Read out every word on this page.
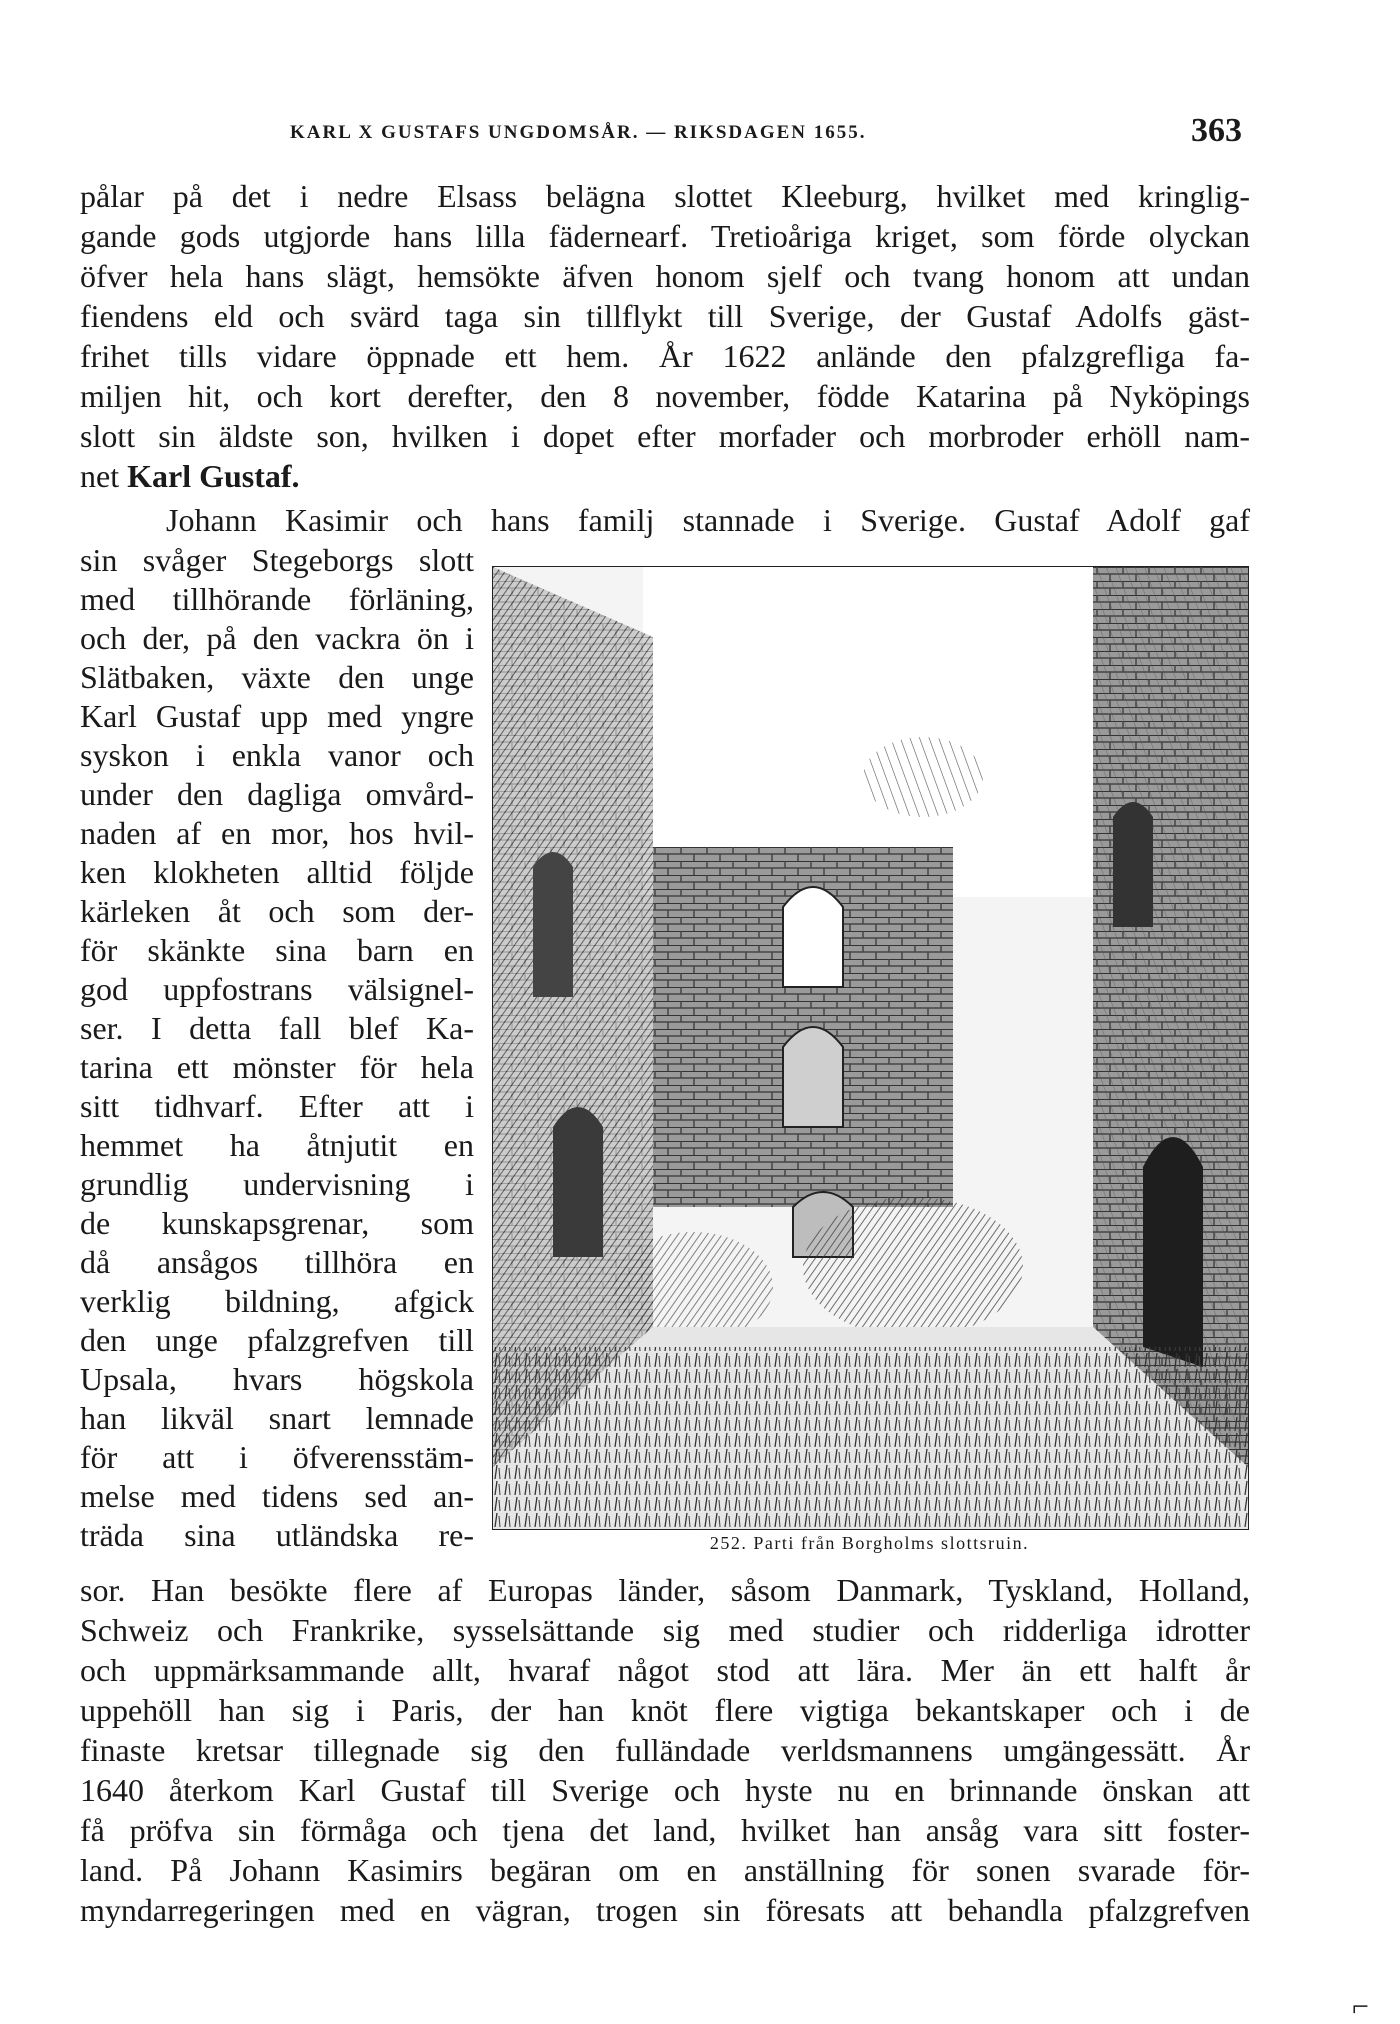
KARL X GUSTAFS UNGDOMSÅR. — RIKSDAGEN 1655.	363
pålar på det i nedre Elsass belägna slottet Kleeburg, hvilket med kringlig-
gande gods utgjorde hans lilla fädernearf. Tretioåriga kriget, som förde olyckan
öfver hela hans slägt, hemsökte äfven honom sjelf och tvang honom att undan
fiendens eld och svärd taga sin tillflykt till Sverige, der Gustaf Adolfs gäst-
frihet tills vidare öppnade ett hem. År 1622 anlände den pfalzgrefliga fa-
miljen hit, och kort derefter, den 8 november, födde Katarina på Nyköpings
slott sin äldste son, hvilken i dopet efter morfader och morbroder erhöll nam-
net Karl Gustaf.
Johann Kasimir och hans familj stannade i Sverige. Gustaf Adolf gaf
sin svåger Stegeborgs slott
med tillhörande förläning,
och der, på den vackra ön i
Slätbaken, växte den unge
Karl Gustaf upp med yngre
syskon i enkla vanor och
under den dagliga omvård-
naden af en mor, hos hvil-
ken klokheten alltid följde
kärleken åt och som der-
för skänkte sina barn en
god uppfostrans välsignel-
ser. I detta fall blef Ka-
tarina ett mönster för hela
sitt tidhvarf. Efter att i
hemmet ha åtnjutit en
grundlig undervisning i
de kunskapsgrenar, som
då ansågos tillhöra en
verklig bildning, afgick
den unge pfalzgrefven till
Upsala, hvars högskola
han likväl snart lemnade
för att i öfverensstäm-
melse med tidens sed an-
träda sina utländska re-	252. Parti från Borgholms slottsruin.
sor. Han besökte flere af Europas länder, såsom Danmark, Tyskland, Holland,
Schweiz och Frankrike, sysselsättande sig med studier och ridderliga idrotter
och uppmärksammande allt, hvaraf något stod att lära. Mer än ett halft år
uppehöll han sig i Paris, der han knöt flere vigtiga bekantskaper och i de
finaste kretsar tillegnade sig den fulländade verldsmannens umgängessätt. År
1640 återkom Karl Gustaf till Sverige och hyste nu en brinnande önskan att
få pröfva sin förmåga och tjena det land, hvilket han ansåg vara sitt foster-
land. På Johann Kasimirs begäran om en anställning för sonen svarade för-
myndarregeringen med en vägran, trogen sin föresats att behandla pfalzgrefven
⌐
